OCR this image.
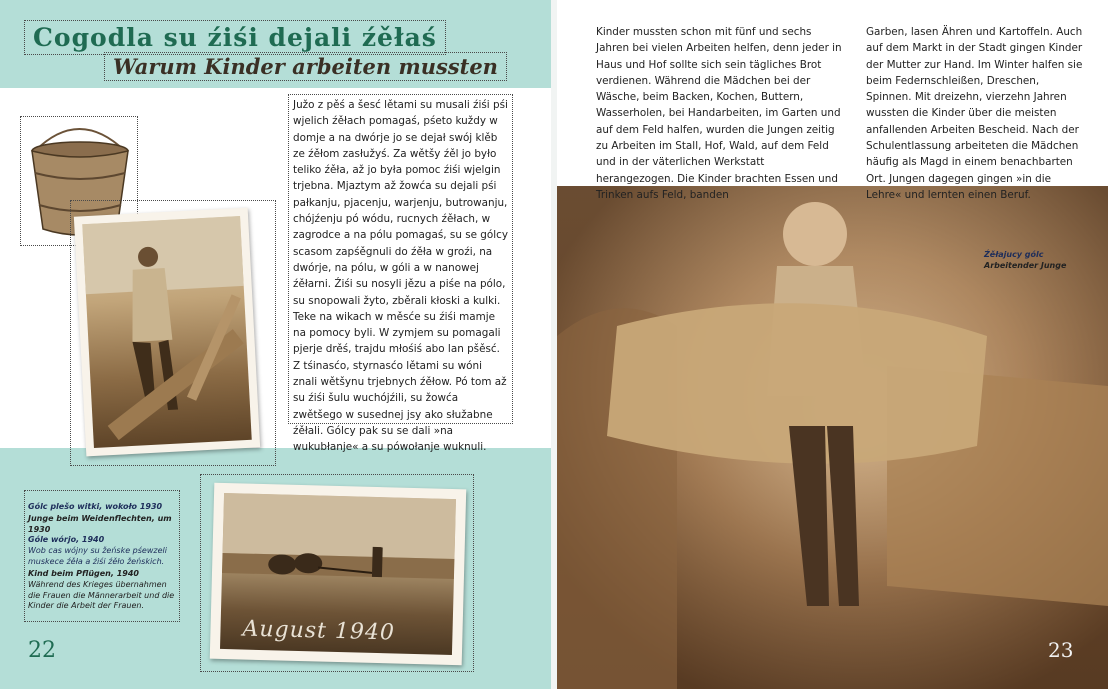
Cogodla su źiśi dejali źěłaś
Warum Kinder arbeiten mussten
Južo z pěś a šesć lětami su musali źiśi pśi wjelich źěłach pomagaś, pśeto kuždy w domje a na dwórje jo se dejał swój klěb ze źěłom zasłužyś. Za wětšy źěl jo było teliko źěła, až jo była pomoc źiśi wjelgin trjebna. Mjaztym až žowća su dejali pśi pałkanju, pjacenju, warjenju, butrowanju, chójźenju pó wódu, rucnych źěłach, w zagrodce a na pólu pomagaś, su se gólcy scasom zapśěgnuli do źěła w groźi, na dwórje, na pólu, w góli a w nanowej źěłarni. Źiśi su nosyli jězu a piśe na pólo, su snopowali žyto, zběrali kłoski a kulki. Teke na wikach w měsće su źiśi mamje na pomocy byli. W zymjem su pomagali pjerje drěś, trajdu młośiś abo lan pšěsć. Z tśinasćo, styrnasćo lětami su wóni znali wětšynu trjebnych źěłow. Pó tom až su źiśi šulu wuchójźili, su žowća zwětšego w susednej jsy ako słužabne źěłali. Gólcy pak su se dali »na wukubłanje« a su pówołanje wuknuli.
Gólc plešo witki, wokoło 1930
Junge beim Weidenflechten, um 1930
Góle wórjo, 1940
Wob cas wójny su žeńske pśewzeli muskece źěła a źiśi źěło žeńskich.
Kind beim Pflügen, 1940
Während des Krieges übernahmen die Frauen die Männerarbeit und die Kinder die Arbeit der Frauen.
August 1940
22
Kinder mussten schon mit fünf und sechs Jahren bei vielen Arbeiten helfen, denn jeder in Haus und Hof sollte sich sein tägliches Brot verdienen. Während die Mädchen bei der Wäsche, beim Backen, Kochen, Buttern, Wasserholen, bei Handarbeiten, im Garten und auf dem Feld halfen, wurden die Jungen zeitig zu Arbeiten im Stall, Hof, Wald, auf dem Feld und in der väterlichen Werkstatt herangezogen. Die Kinder brachten Essen und Trinken aufs Feld, banden
Garben, lasen Ähren und Kartoffeln. Auch auf dem Markt in der Stadt gingen Kinder der Mutter zur Hand. Im Winter halfen sie beim Federnschleißen, Dreschen, Spinnen. Mit dreizehn, vierzehn Jahren wussten die Kinder über die meisten anfallenden Arbeiten Bescheid. Nach der Schulentlassung arbeiteten die Mädchen häufig als Magd in einem benachbarten Ort. Jungen dagegen gingen »in die Lehre« und lernten einen Beruf.
Źěłajucy gólc
Arbeitender Junge
23
